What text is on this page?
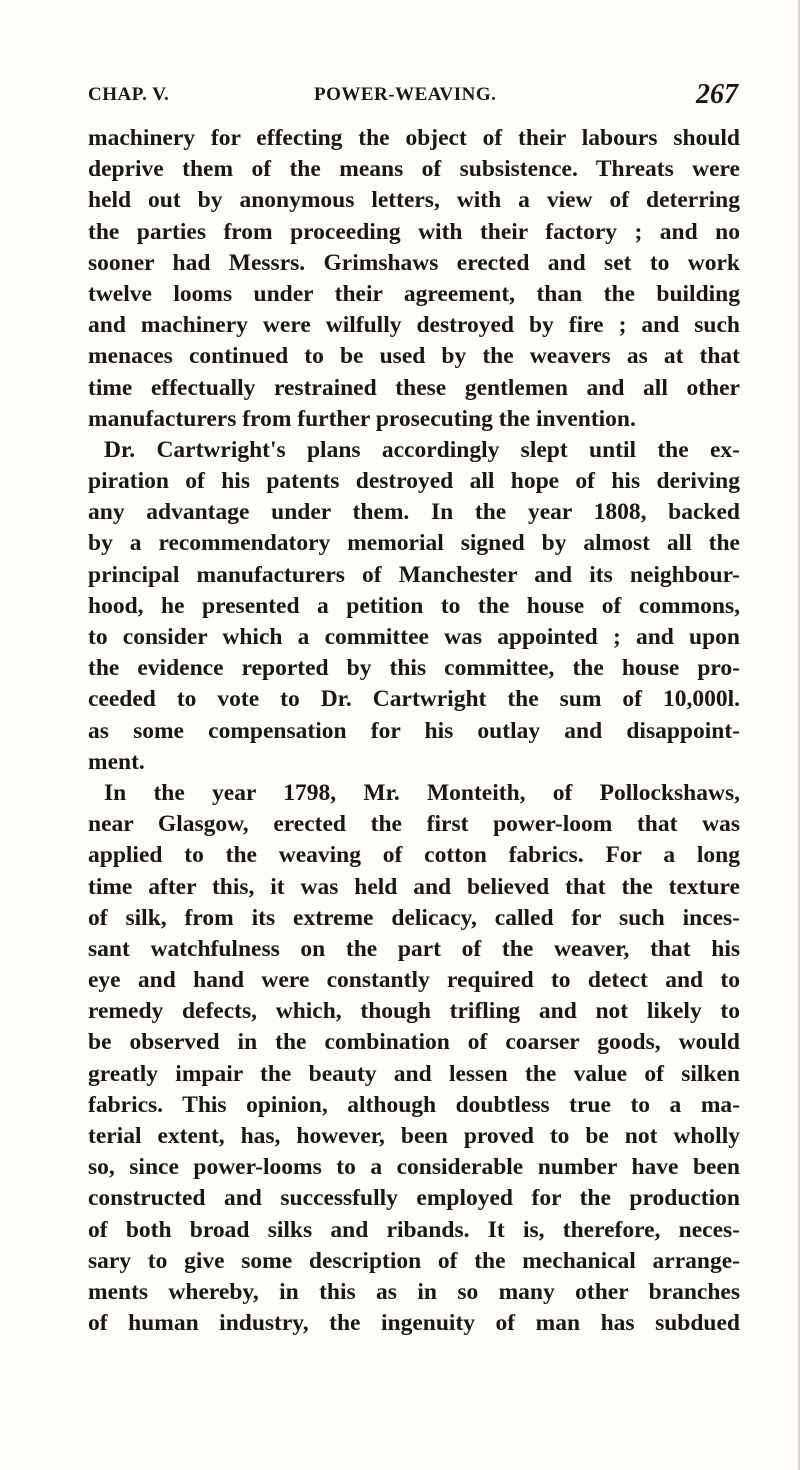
CHAP. V.	POWER-WEAVING.	267
machinery for effecting the object of their labours should
deprive them of the means of subsistence. Threats were
held out by anonymous letters, with a view of deterring
the parties from proceeding with their factory ; and no
sooner had Messrs. Grimshaws erected and set to work
twelve looms under their agreement, than the building
and machinery were wilfully destroyed by fire ; and such
menaces continued to be used by the weavers as at that
time effectually restrained these gentlemen and all other
manufacturers from further prosecuting the invention.
Dr. Cartwright's plans accordingly slept until the ex-
piration of his patents destroyed all hope of his deriving
any advantage under them. In the year 1808, backed
by a recommendatory memorial signed by almost all the
principal manufacturers of Manchester and its neighbour-
hood, he presented a petition to the house of commons,
to consider which a committee was appointed ; and upon
the evidence reported by this committee, the house pro-
ceeded to vote to Dr. Cartwright the sum of 10,000l.
as some compensation for his outlay and disappoint-
ment.
In the year 1798, Mr. Monteith, of Pollockshaws,
near Glasgow, erected the first power-loom that was
applied to the weaving of cotton fabrics. For a long
time after this, it was held and believed that the texture
of silk, from its extreme delicacy, called for such inces-
sant watchfulness on the part of the weaver, that his
eye and hand were constantly required to detect and to
remedy defects, which, though trifling and not likely to
be observed in the combination of coarser goods, would
greatly impair the beauty and lessen the value of silken
fabrics. This opinion, although doubtless true to a ma-
terial extent, has, however, been proved to be not wholly
so, since power-looms to a considerable number have been
constructed and successfully employed for the production
of both broad silks and ribands. It is, therefore, neces-
sary to give some description of the mechanical arrange-
ments whereby, in this as in so many other branches
of human industry, the ingenuity of man has subdued
